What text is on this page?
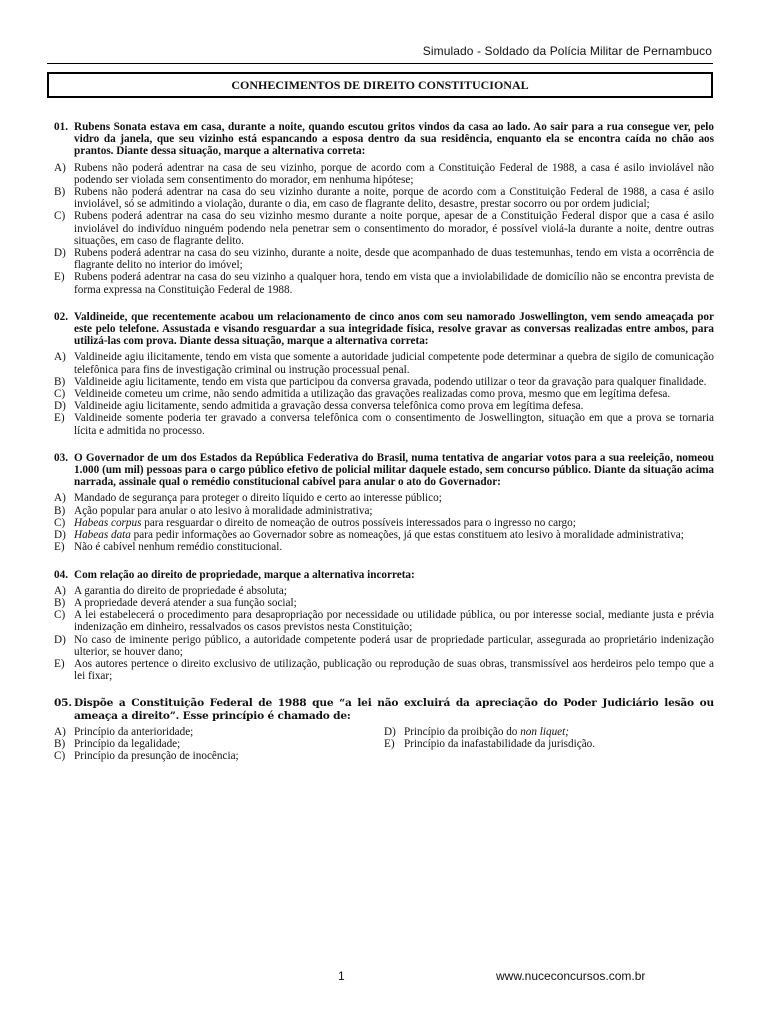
Simulado - Soldado da Polícia Militar de Pernambuco
CONHECIMENTOS DE DIREITO CONSTITUCIONAL
01. Rubens Sonata estava em casa, durante a noite, quando escutou gritos vindos da casa ao lado. Ao sair para a rua consegue ver, pelo vidro da janela, que seu vizinho está espancando a esposa dentro da sua residência, enquanto ela se encontra caída no chão aos prantos. Diante dessa situação, marque a alternativa correta:
A) Rubens não poderá adentrar na casa de seu vizinho, porque de acordo com a Constituição Federal de 1988, a casa é asilo inviolável não podendo ser violada sem consentimento do morador, em nenhuma hipótese;
B) Rubens não poderá adentrar na casa do seu vizinho durante a noite, porque de acordo com a Constituição Federal de 1988, a casa é asilo inviolável, só se admitindo a violação, durante o dia, em caso de flagrante delito, desastre, prestar socorro ou por ordem judicial;
C) Rubens poderá adentrar na casa do seu vizinho mesmo durante a noite porque, apesar de a Constituição Federal dispor que a casa é asilo inviolável do indivíduo ninguém podendo nela penetrar sem o consentimento do morador, é possível violá-la durante a noite, dentre outras situações, em caso de flagrante delito.
D) Rubens poderá adentrar na casa do seu vizinho, durante a noite, desde que acompanhado de duas testemunhas, tendo em vista a ocorrência de flagrante delito no interior do imóvel;
E) Rubens poderá adentrar na casa do seu vizinho a qualquer hora, tendo em vista que a inviolabilidade de domicílio não se encontra prevista de forma expressa na Constituição Federal de 1988.
02. Valdineide, que recentemente acabou um relacionamento de cinco anos com seu namorado Joswellington, vem sendo ameaçada por este pelo telefone. Assustada e visando resguardar a sua integridade física, resolve gravar as conversas realizadas entre ambos, para utilizá-las com prova. Diante dessa situação, marque a alternativa correta:
A) Valdineide agiu ilicitamente, tendo em vista que somente a autoridade judicial competente pode determinar a quebra de sigilo de comunicação telefônica para fins de investigação criminal ou instrução processual penal.
B) Valdineide agiu licitamente, tendo em vista que participou da conversa gravada, podendo utilizar o teor da gravação para qualquer finalidade.
C) Veldineide cometeu um crime, não sendo admitida a utilização das gravações realizadas como prova, mesmo que em legítima defesa.
D) Valdineide agiu licitamente, sendo admitida a gravação dessa conversa telefônica como prova em legítima defesa.
E) Valdineide somente poderia ter gravado a conversa telefônica com o consentimento de Joswellington, situação em que a prova se tornaria lícita e admitida no processo.
03. O Governador de um dos Estados da República Federativa do Brasil, numa tentativa de angariar votos para a sua reeleição, nomeou 1.000 (um mil) pessoas para o cargo público efetivo de policial militar daquele estado, sem concurso público. Diante da situação acima narrada, assinale qual o remédio constitucional cabível para anular o ato do Governador:
A) Mandado de segurança para proteger o direito líquido e certo ao interesse público;
B) Ação popular para anular o ato lesivo à moralidade administrativa;
C) Habeas corpus para resguardar o direito de nomeação de outros possíveis interessados para o ingresso no cargo;
D) Habeas data para pedir informações ao Governador sobre as nomeações, já que estas constituem ato lesivo à moralidade administrativa;
E) Não é cabível nenhum remédio constitucional.
04. Com relação ao direito de propriedade, marque a alternativa incorreta:
A) A garantia do direito de propriedade é absoluta;
B) A propriedade deverá atender a sua função social;
C) A lei estabelecerá o procedimento para desapropriação por necessidade ou utilidade pública, ou por interesse social, mediante justa e prévia indenização em dinheiro, ressalvados os casos previstos nesta Constituição;
D) No caso de iminente perigo público, a autoridade competente poderá usar de propriedade particular, assegurada ao proprietário indenização ulterior, se houver dano;
E) Aos autores pertence o direito exclusivo de utilização, publicação ou reprodução de suas obras, transmissível aos herdeiros pelo tempo que a lei fixar;
05. Dispõe a Constituição Federal de 1988 que “a lei não excluirá da apreciação do Poder Judiciário lesão ou ameaça a direito”. Esse princípio é chamado de:
A) Princípio da anterioridade;
B) Princípio da legalidade;
C) Princípio da presunção de inocência;
D) Princípio da proibição do non liquet;
E) Princípio da inafastabilidade da jurisdição.
1	www.nuceconcursos.com.br
